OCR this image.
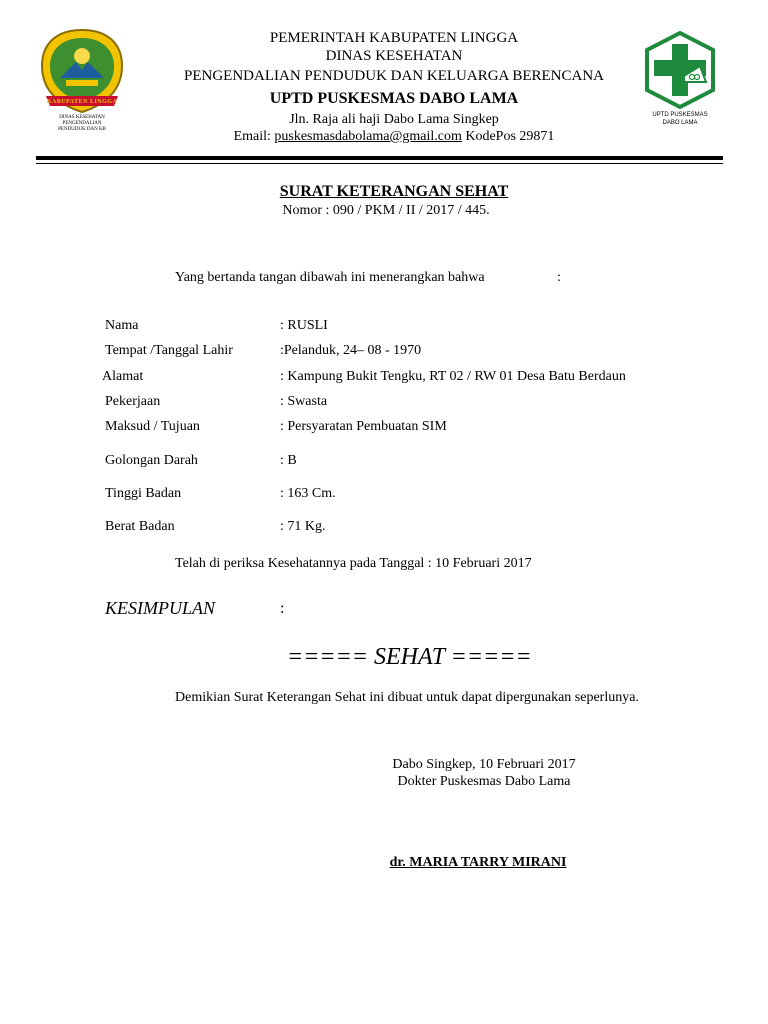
KABUPATEN LINGGA
DINAS KESEHATAN
PENGENDALIAN
PENDUDUK DAN KB
PEMERINTAH KABUPATEN LINGGA
DINAS KESEHATAN
PENGENDALIAN PENDUDUK DAN KELUARGA BERENCANA
UPTD PUSKESMAS DABO LAMA
Jln. Raja ali haji Dabo Lama Singkep
Email: puskesmasdabolama@gmail.com KodePos 29871
UPTD PUSKESMAS
DABO LAMA
SURAT KETERANGAN SEHAT
Nomor : 090 / PKM / II / 2017 / 445.
Yang bertanda tangan dibawah ini menerangkan bahwa	:
Nama	: RUSLI
Tempat /Tanggal Lahir	:Pelanduk, 24– 08 - 1970
Alamat	: Kampung Bukit Tengku, RT 02 / RW 01 Desa Batu Berdaun
Pekerjaan	: Swasta
Maksud / Tujuan	: Persyaratan Pembuatan SIM
Golongan Darah	: B
Tinggi Badan	: 163 Cm.
Berat Badan	: 71 Kg.
Telah di periksa Kesehatannya pada Tanggal : 10 Februari 2017
KESIMPULAN	:
===== SEHAT =====
Demikian Surat Keterangan Sehat ini dibuat untuk dapat dipergunakan seperlunya.
Dabo Singkep, 10 Februari 2017
Dokter Puskesmas Dabo Lama
dr. MARIA TARRY MIRANI
